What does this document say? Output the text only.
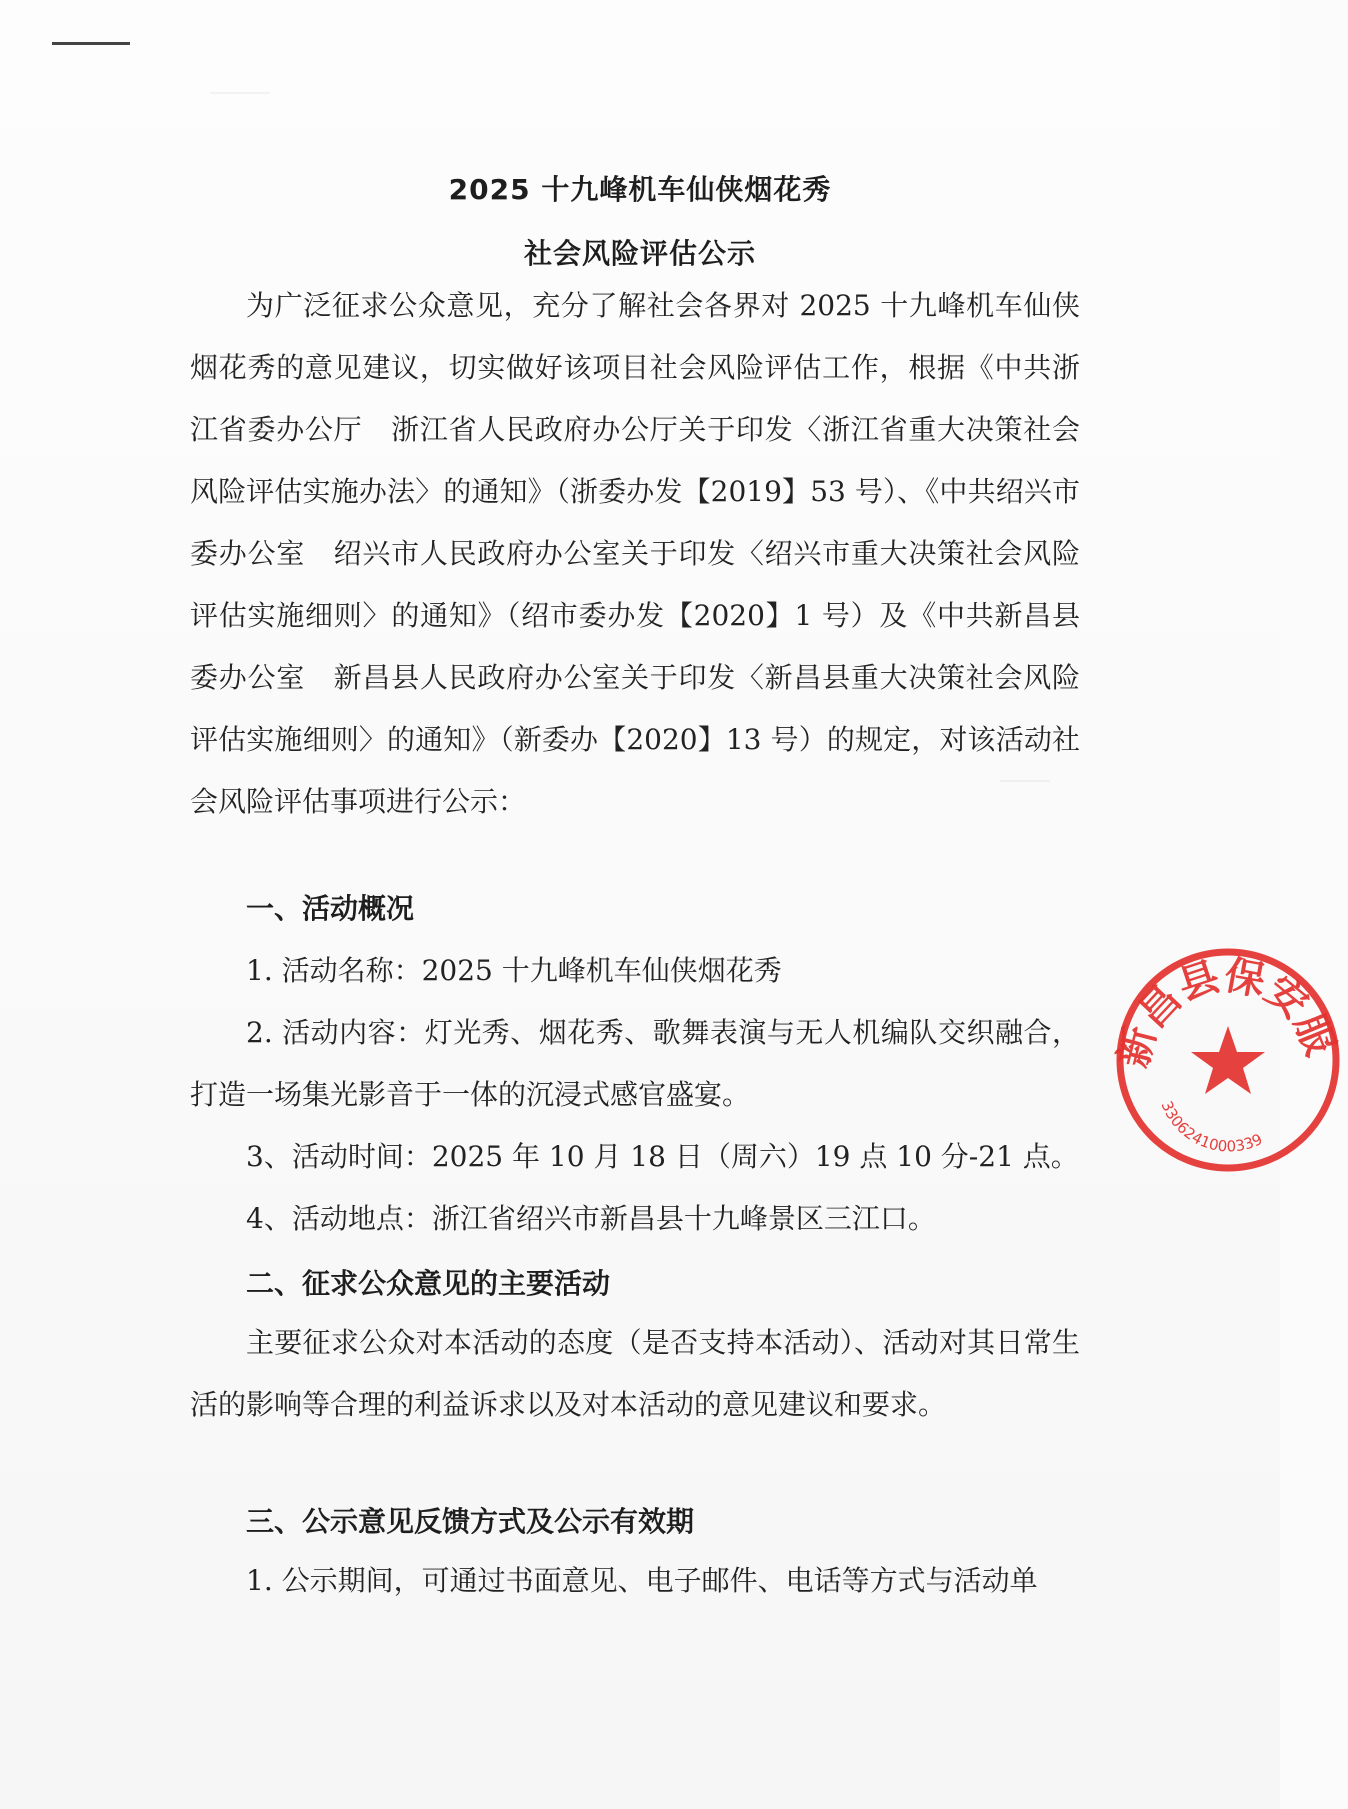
2025 十九峰机车仙侠烟花秀
社会风险评估公示

为广泛征求公众意见，充分了解社会各界对 2025 十九峰机车仙侠烟花秀的意见建议，切实做好该项目社会风险评估工作，根据《中共浙江省委办公厅　浙江省人民政府办公厅关于印发〈浙江省重大决策社会风险评估实施办法〉的通知》（浙委办发【2019】53 号）、《中共绍兴市委办公室　绍兴市人民政府办公室关于印发〈绍兴市重大决策社会风险评估实施细则〉的通知》（绍市委办发【2020】1 号）及《中共新昌县委办公室　新昌县人民政府办公室关于印发〈新昌县重大决策社会风险评估实施细则〉的通知》（新委办【2020】13 号）的规定，对该活动社会风险评估事项进行公示：

一、活动概况

1. 活动名称：2025 十九峰机车仙侠烟花秀

2. 活动内容：灯光秀、烟花秀、歌舞表演与无人机编队交织融合，打造一场集光影音于一体的沉浸式感官盛宴。

3、活动时间：2025 年 10 月 18 日（周六）19 点 10 分-21 点。

4、活动地点：浙江省绍兴市新昌县十九峰景区三江口。

二、征求公众意见的主要活动

主要征求公众对本活动的态度（是否支持本活动）、活动对其日常生活的影响等合理的利益诉求以及对本活动的意见建议和要求。

三、公示意见反馈方式及公示有效期

1. 公示期间，可通过书面意见、电子邮件、电话等方式与活动单

新昌县保安服
3306241000339
